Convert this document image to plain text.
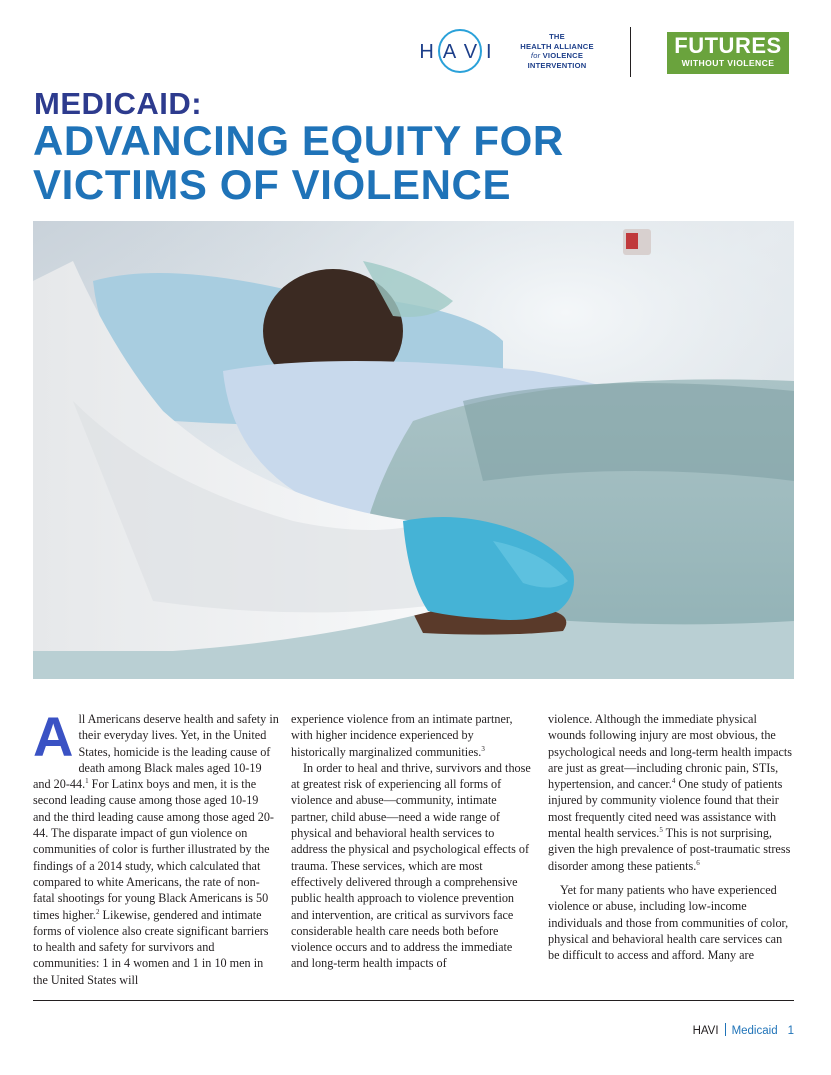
HAVI
THE
HEALTH ALLIANCE
for VIOLENCE
INTERVENTION
FUTURES
WITHOUT VIOLENCE
MEDICAID:
ADVANCING EQUITY FOR
VICTIMS OF VIOLENCE

All Americans deserve health and safety in their everyday lives. Yet, in the United States, homicide is the leading cause of death among Black males aged 10-19 and 20-44.$^1$ For Latinx boys and men, it is the second leading cause among those aged 10-19 and the third leading cause among those aged 20-44. The disparate impact of gun violence on communities of color is further illustrated by the findings of a 2014 study, which calculated that compared to white Americans, the rate of non-fatal shootings for young Black Americans is 50 times higher.$^2$ Likewise, gendered and intimate forms of violence also create significant barriers to health and safety for survivors and communities: 1 in 4 women and 1 in 10 men in the United States will

experience violence from an intimate partner, with higher incidence experienced by historically marginalized communities.$^3$

In order to heal and thrive, survivors and those at greatest risk of experiencing all forms of violence and abuse—community, intimate partner, child abuse—need a wide range of physical and behavioral health services to address the physical and psychological effects of trauma. These services, which are most effectively delivered through a comprehensive public health approach to violence prevention and intervention, are critical as survivors face considerable health care needs both before violence occurs and to address the immediate and long-term health impacts of

violence. Although the immediate physical wounds following injury are most obvious, the psychological needs and long-term health impacts are just as great—including chronic pain, STIs, hypertension, and cancer.$^4$ One study of patients injured by community violence found that their most frequently cited need was assistance with mental health services.$^5$ This is not surprising, given the high prevalence of post-traumatic stress disorder among these patients.$^6$

Yet for many patients who have experienced violence or abuse, including low-income individuals and those from communities of color, physical and behavioral health care services can be difficult to access and afford. Many are

HAVI Medicaid 1
